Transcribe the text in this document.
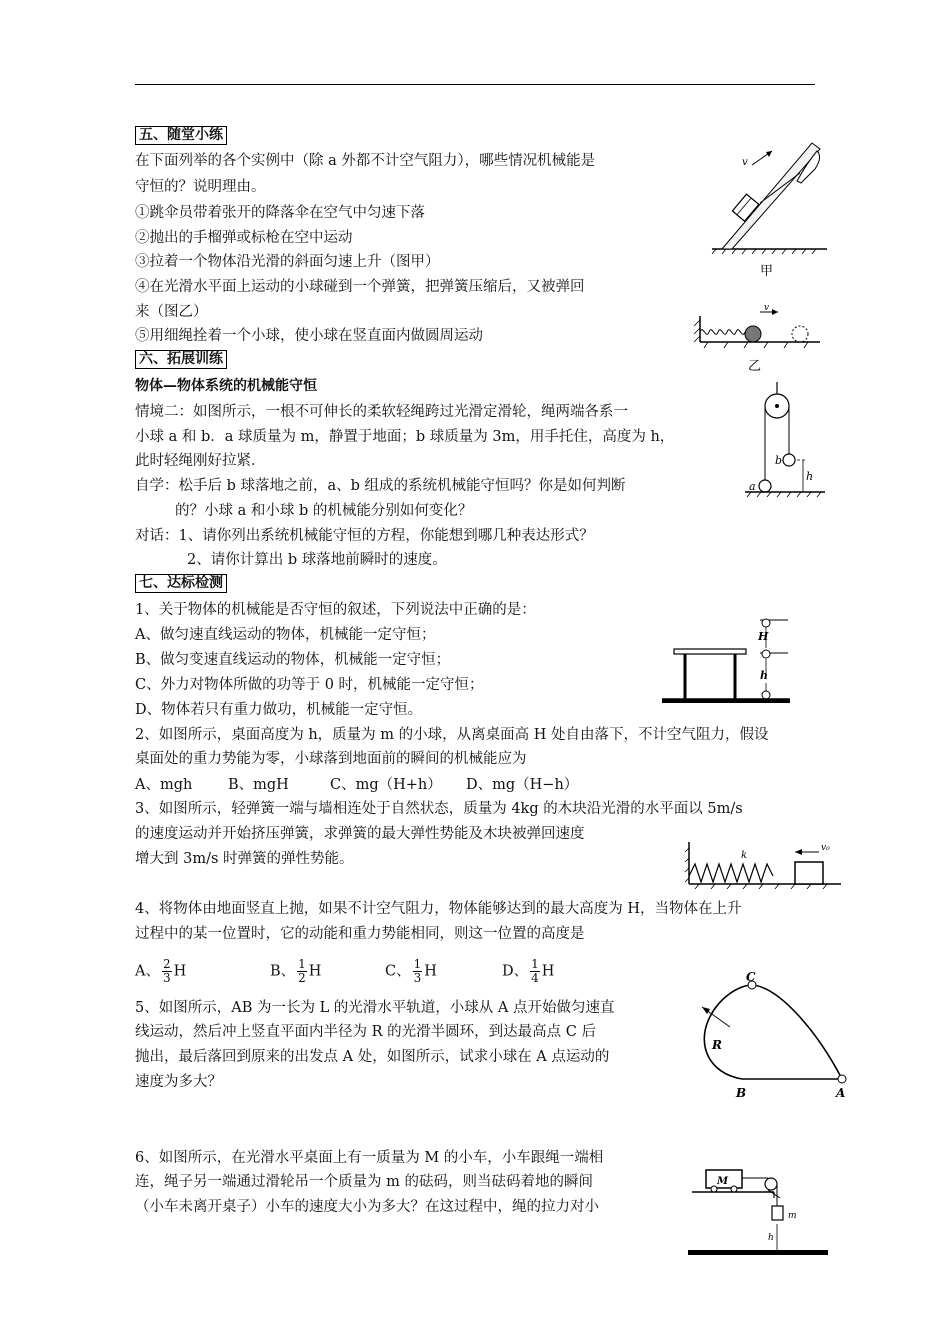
五、随堂小练
在下面列举的各个实例中（除 a 外都不计空气阻力），哪些情况机械能是
守恒的？说明理由。
①跳伞员带着张开的降落伞在空气中匀速下落
②抛出的手榴弹或标枪在空中运动
③拉着一个物体沿光滑的斜面匀速上升（图甲）
④在光滑水平面上运动的小球碰到一个弹簧，把弹簧压缩后，又被弹回
来（图乙）
⑤用细绳拴着一个小球，使小球在竖直面内做圆周运动
v
甲
v
乙
六、拓展训练
物体—物体系统的机械能守恒
情境二：如图所示，一根不可伸长的柔软轻绳跨过光滑定滑轮，绳两端各系一
小球 a 和 b．a 球质量为 m，静置于地面；b 球质量为 3m，用手托住，高度为 h，
此时轻绳刚好拉紧．
自学：松手后 b 球落地之前，a、b 组成的系统机械能守恒吗？你是如何判断
的？小球 a 和小球 b 的机械能分别如何变化？
对话：1、请你列出系统机械能守恒的方程，你能想到哪几种表达形式？
2、请你计算出 b 球落地前瞬时的速度。
a
b
h
七、达标检测
1、关于物体的机械能是否守恒的叙述，下列说法中正确的是：
A、做匀速直线运动的物体，机械能一定守恒；
B、做匀变速直线运动的物体，机械能一定守恒；
C、外力对物体所做的功等于 0 时，机械能一定守恒；
D、物体若只有重力做功，机械能一定守恒。
2、如图所示，桌面高度为 h，质量为 m 的小球，从离桌面高 H 处自由落下，不计空气阻力，假设
桌面处的重力势能为零，小球落到地面前的瞬间的机械能应为
A、mgh B、mgH	C、mg（H+h） D、mg（H−h）
H
h
3、如图所示，轻弹簧一端与墙相连处于自然状态，质量为 4kg 的木块沿光滑的水平面以 5m/s
的速度运动并开始挤压弹簧，求弹簧的最大弹性势能及木块被弹回速度
增大到 3m/s 时弹簧的弹性势能。	k
v₀
4、将物体由地面竖直上抛，如果不计空气阻力，物体能够达到的最大高度为 H，当物体在上升
过程中的某一位置时，它的动能和重力势能相同，则这一位置的高度是
A、 $\frac{2}{3}$ H	B、 $\frac{1}{2}$ H	C、 $\frac{1}{3}$ H	D、 $\frac{1}{4}$ H
5、如图所示，AB 为一长为 L 的光滑水平轨道，小球从 A 点开始做匀速直
线运动，然后冲上竖直平面内半径为 R 的光滑半圆环，到达最高点 C 后
抛出，最后落回到原来的出发点 A 处，如图所示，试求小球在 A 点运动的
速度为多大？
C
R
B	A
6、如图所示，在光滑水平桌面上有一质量为 M 的小车，小车跟绳一端相
连，绳子另一端通过滑轮吊一个质量为 m 的砝码，则当砝码着地的瞬间
（小车未离开桌子）小车的速度大小为多大？在这过程中，绳的拉力对小
M
m
h
